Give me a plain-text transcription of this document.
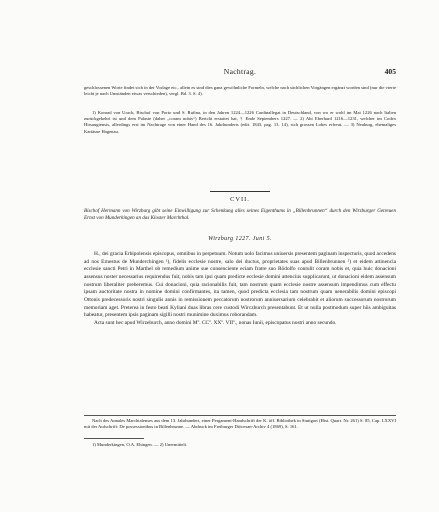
Nachtrag.	405

geschlossenen Worte findet sich in der Vorlage etc., allein es sind dies ganz gewöhnliche Formeln, welche nach sächlichen Vorgängen ergänzt worden sind (nur die vierte leicht je nach Umständen etwas verschieden), vergl. Bd. 3. S. 4).

1) Konrad von Urach, Bischof von Porto und S. Rufina, in den Jahren 1224—1226 Cardinallegat in Deutschland, von wo er wohl im Mai 1226 nach Italien zurückgekehrt ist und dem Palaste (daher „coram nobis“) Bericht erstattet hat, † Ende Septembers 1227. — 2) Abt Eberhard 1216—1231, welcher im Codex Hirsaugiensis, allerdings erst im Nachtrage von einer Hand des 16. Jahrhunderts (edit. 1843, pag. 13. 14), sich grossen Lobes erfreut. — 3) Neuburg, ehemaliges Kartäuse Hagenau.

CVII.
Bischof Hermann von Wirzburg gibt seine Einwilligung zur Schenkung alles seines Eigenthums in „Billenbrunnen“ durch den Wirzburger Getreuen Ernst von Munderkingen an das Kloster Marchthal.
Wirzburg 1227. Juni 5.

H., dei gracia Erbipolensis episcopus, omnibus in perpetuum. Notum uolo facimus uniuersis presentem paginam inspecturis, quod accedens ad nos Ernestus de Munderchingen ¹), fidelis ecclesie nostre, salo dei ductus, proprietates suas apud Billenbrunnen ²) et eidem attinencia ecclesie sancti Petri in Marthel ob remedium anime sue consenciente eciam fratre suo Rödolfo contulit coram nobis et, quia huic donacioni assensus noster necessarius requirendus fuit, nobis tam ipsi quam predicte ecclesie domini attencius supplicarunt, ut donacioni eidem assensum nostrum liberaliter preberemus. Cui donacioni, quia racionabilis fuit, tam nostrum quam ecclesie nostre assensum impendimus cum effectu ipsam auctoritate nostra in nomine domini confirmantes, ita tamen, quod predicta ecclesia tam nostrum quam uenerabilis domini episcopi Ottonis predecessoris nostri singulis annis in remissionem peccatorum nostrorum anniuersarium celebrabit et aliorum successorum nostrorum memoriam aget. Preterea in festo beati Kyliani duas libras cere custodi Wirczburch presentabunt. Et ut nulla postmodum super hiis ambiguitas habeatur, presentem ipsis paginam sigilli nostri munimine duximus roborandam.

Acta sunt hec apud Wirzeburch, anno domini Mº. CCº. XXº. VIIº., nonas Iunii, episcopatus nostri anno secundo.

Nach des Annales Marchtalenses aus dem 13. Jahrhundert, einer Pergament-Handschrift der K. öff. Bibliothek in Stuttgart (Hist. Quart. Nr. 261) S. 85, Cap. LXXVI mit der Aufschrift: De possessionibus in Billenbrunne. — Abdruck im Freiburger Diöcesan-Archiv 4 (1869), S. 161.

1) Munderkingen, O.A. Ehingen. — 2) Unermittelt.
